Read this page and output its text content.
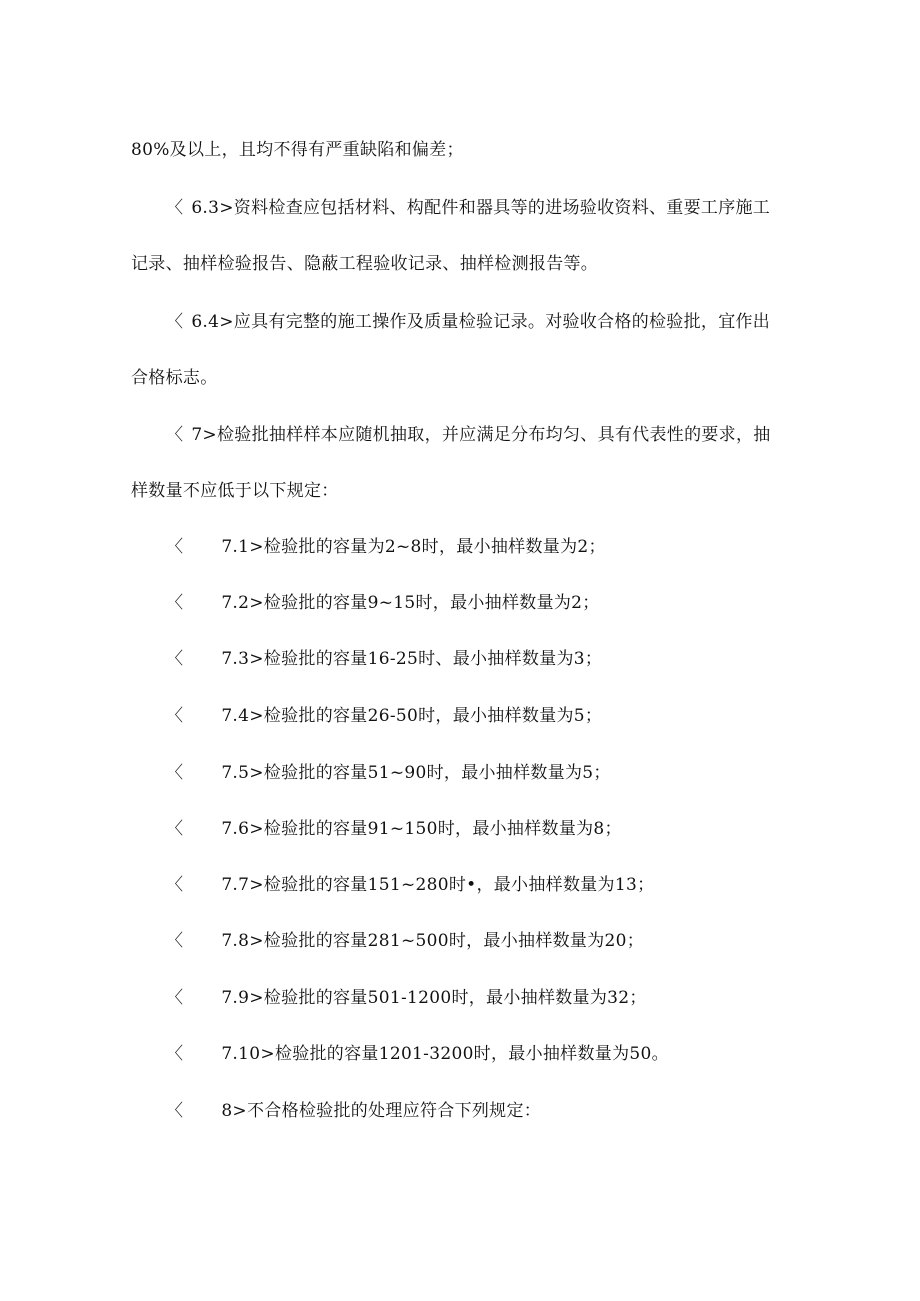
80%及以上，且均不得有严重缺陷和偏差；
〈 6.3>资料检查应包括材料、构配件和器具等的进场验收资料、重要工序施工
记录、抽样检验报告、隐蔽工程验收记录、抽样检测报告等。
〈 6.4>应具有完整的施工操作及质量检验记录。对验收合格的检验批，宜作出
合格标志。
〈 7>检验批抽样样本应随机抽取，并应满足分布均匀、具有代表性的要求，抽
样数量不应低于以下规定：
〈 7.1>检验批的容量为2~8时，最小抽样数量为2；
〈 7.2>检验批的容量9~15时，最小抽样数量为2；
〈 7.3>检验批的容量16-25时、最小抽样数量为3；
〈 7.4>检验批的容量26-50时，最小抽样数量为5；
〈 7.5>检验批的容量51~90时，最小抽样数量为5；
〈 7.6>检验批的容量91~150时，最小抽样数量为8；
〈 7.7>检验批的容量151~280时•，最小抽样数量为13；
〈 7.8>检验批的容量281~500时，最小抽样数量为20；
〈 7.9>检验批的容量501-1200时，最小抽样数量为32；
〈 7.10>检验批的容量1201-3200时，最小抽样数量为50。
〈 8>不合格检验批的处理应符合下列规定：
